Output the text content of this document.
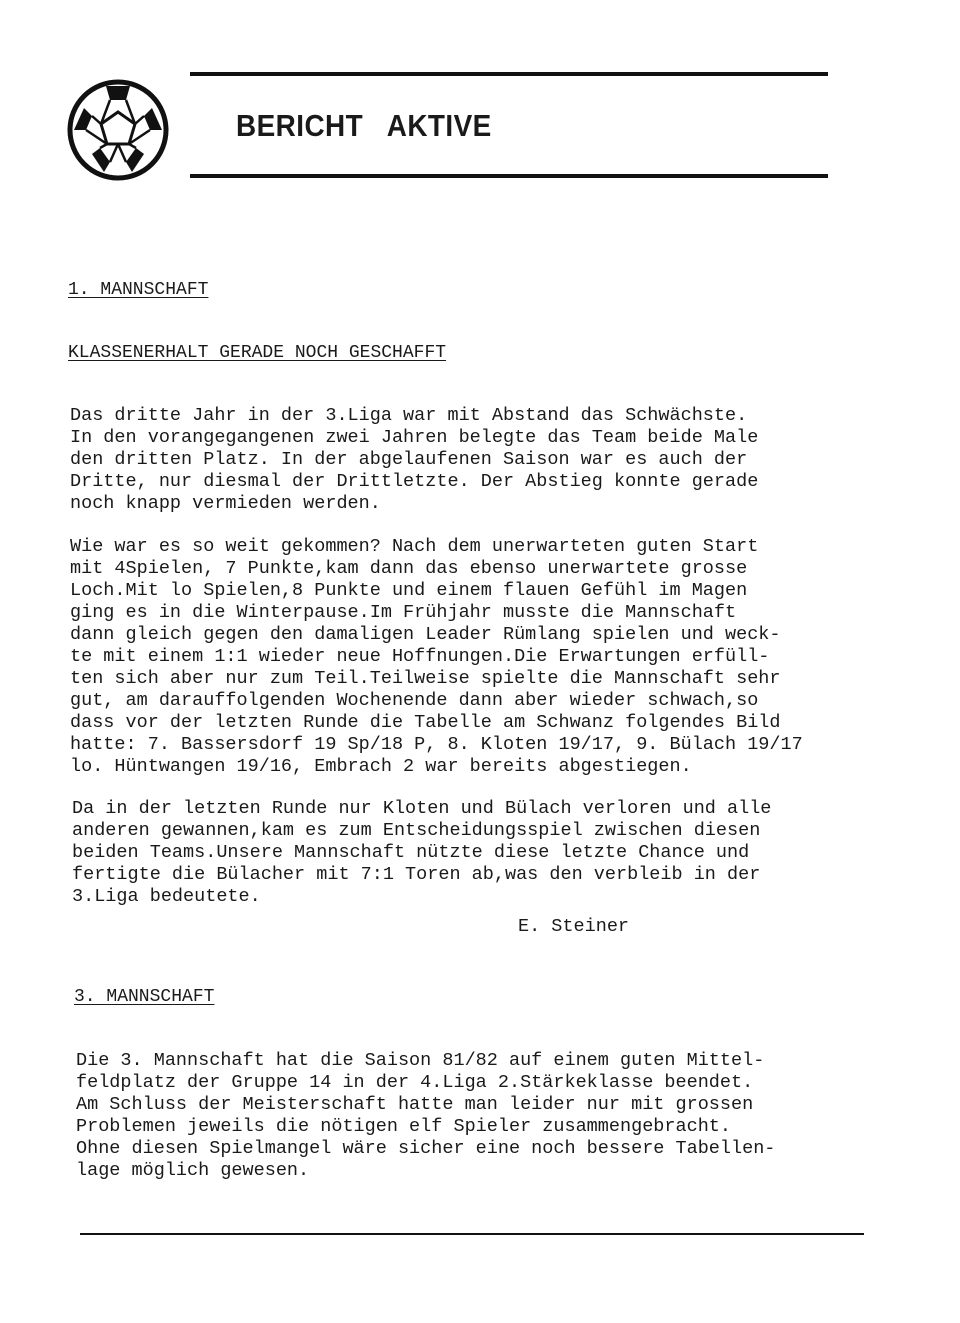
BERICHT   AKTIVE
1. MANNSCHAFT
KLASSENERHALT GERADE NOCH GESCHAFFT
Das dritte Jahr in der 3.Liga war mit Abstand das Schwächste.
In den vorangegangenen zwei Jahren belegte das Team beide Male
den dritten Platz. In der abgelaufenen Saison war es auch der
Dritte, nur diesmal der Drittletzte. Der Abstieg konnte gerade
noch knapp vermieden werden.
Wie war es so weit gekommen? Nach dem unerwarteten guten Start
mit 4Spielen, 7 Punkte,kam dann das ebenso unerwartete grosse
Loch.Mit lo Spielen,8 Punkte und einem flauen Gefühl im Magen
ging es in die Winterpause.Im Frühjahr musste die Mannschaft
dann gleich gegen den damaligen Leader Rümlang spielen und weck-
te mit einem 1:1 wieder neue Hoffnungen.Die Erwartungen erfüll-
ten sich aber nur zum Teil.Teilweise spielte die Mannschaft sehr
gut, am darauffolgenden Wochenende dann aber wieder schwach,so
dass vor der letzten Runde die Tabelle am Schwanz folgendes Bild
hatte: 7. Bassersdorf 19 Sp/18 P, 8. Kloten 19/17, 9. Bülach 19/17
lo. Hüntwangen 19/16, Embrach 2 war bereits abgestiegen.
Da in der letzten Runde nur Kloten und Bülach verloren und alle
anderen gewannen,kam es zum Entscheidungsspiel zwischen diesen
beiden Teams.Unsere Mannschaft nützte diese letzte Chance und
fertigte die Bülacher mit 7:1 Toren ab,was den verbleib in der
3.Liga bedeutete.
E. Steiner
3. MANNSCHAFT
Die 3. Mannschaft hat die Saison 81/82 auf einem guten Mittel-
feldplatz der Gruppe 14 in der 4.Liga 2.Stärkeklasse beendet.
Am Schluss der Meisterschaft hatte man leider nur mit grossen
Problemen jeweils die nötigen elf Spieler zusammengebracht.
Ohne diesen Spielmangel wäre sicher eine noch bessere Tabellen-
lage möglich gewesen.
